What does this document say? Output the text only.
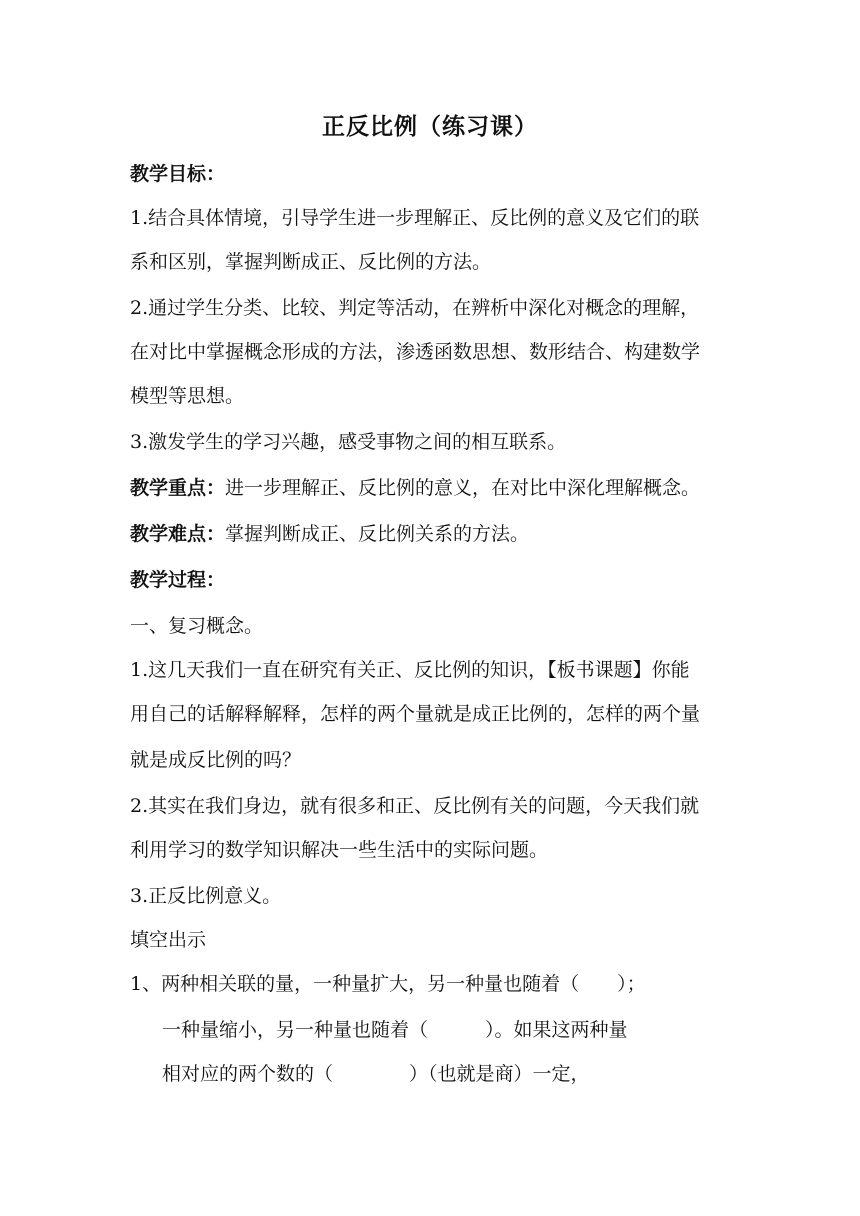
正反比例（练习课）
教学目标：
1.结合具体情境，引导学生进一步理解正、反比例的意义及它们的联
系和区别，掌握判断成正、反比例的方法。
2.通过学生分类、比较、判定等活动，在辨析中深化对概念的理解，
在对比中掌握概念形成的方法，渗透函数思想、数形结合、构建数学
模型等思想。
3.激发学生的学习兴趣，感受事物之间的相互联系。
教学重点：进一步理解正、反比例的意义，在对比中深化理解概念。
教学难点：掌握判断成正、反比例关系的方法。
教学过程：
一、复习概念。
1.这几天我们一直在研究有关正、反比例的知识，【板书课题】你能
用自己的话解释解释，怎样的两个量就是成正比例的，怎样的两个量
就是成反比例的吗？
2.其实在我们身边，就有很多和正、反比例有关的问题，今天我们就
利用学习的数学知识解决一些生活中的实际问题。
3.正反比例意义。
填空出示
1、两种相关联的量，一种量扩大，另一种量也随着（　　）；
一种量缩小，另一种量也随着（　　　）。如果这两种量
相对应的两个数的（　　　　）（也就是商）一定，
